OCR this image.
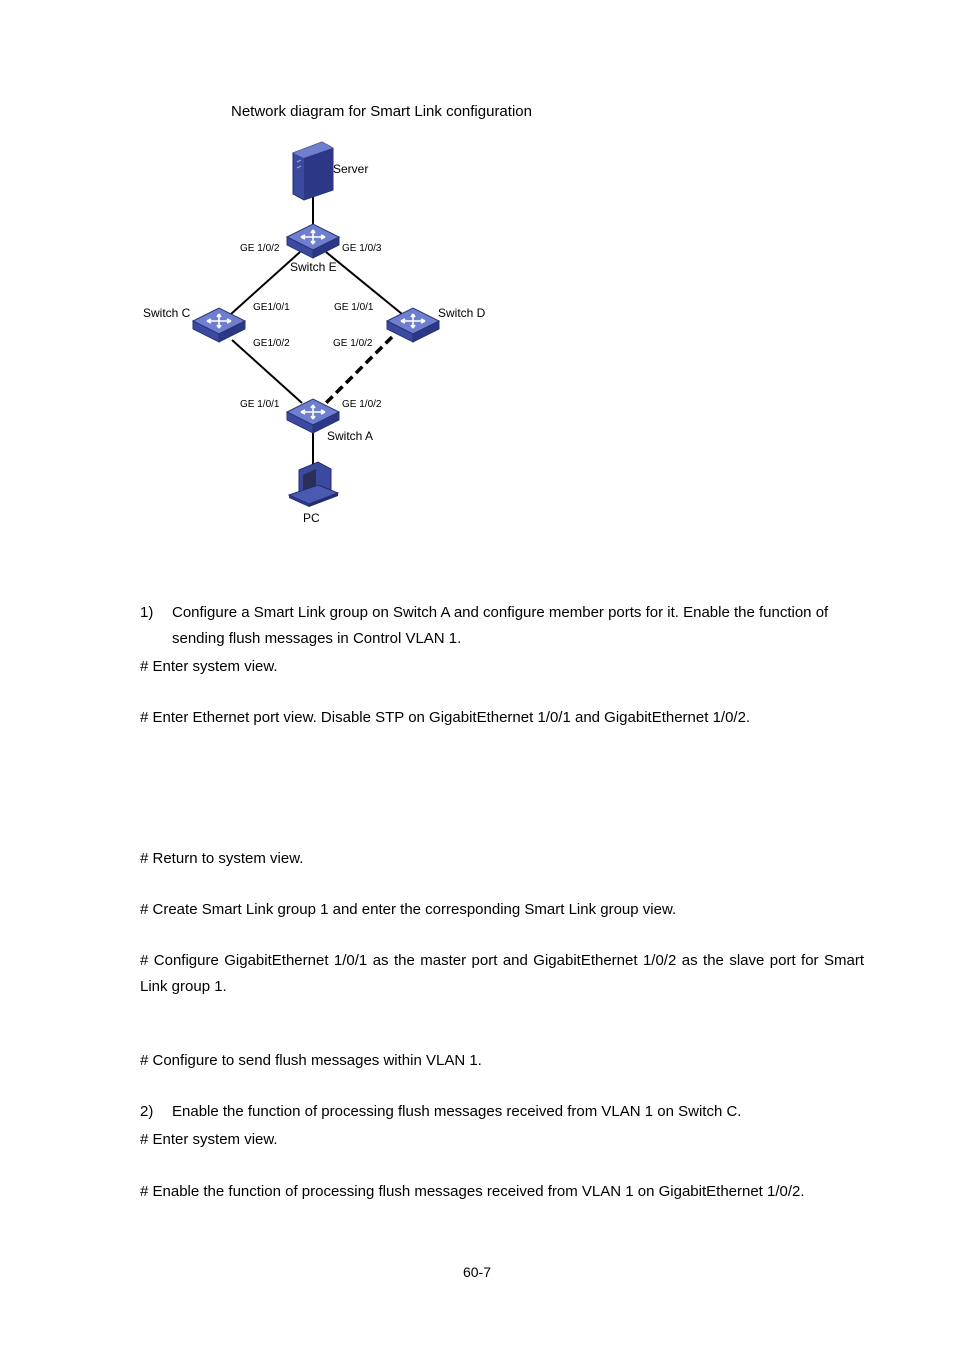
Network diagram for Smart Link configuration
Server
Switch E
Switch C	Switch D
Switch A
PC
GE 1/0/2	GE 1/0/3
GE1/0/1
GE1/0/2
GE 1/0/1
GE 1/0/2
GE 1/0/1	GE 1/0/2
1) Configure a Smart Link group on Switch A and configure member ports for it. Enable the function of sending flush messages in Control VLAN 1.
# Enter system view.
# Enter Ethernet port view. Disable STP on GigabitEthernet 1/0/1 and GigabitEthernet 1/0/2.
# Return to system view.
# Create Smart Link group 1 and enter the corresponding Smart Link group view.
# Configure GigabitEthernet 1/0/1 as the master port and GigabitEthernet 1/0/2 as the slave port for Smart Link group 1.
# Configure to send flush messages within VLAN 1.
2) Enable the function of processing flush messages received from VLAN 1 on Switch C.
# Enter system view.
# Enable the function of processing flush messages received from VLAN 1 on GigabitEthernet 1/0/2.
60-7
